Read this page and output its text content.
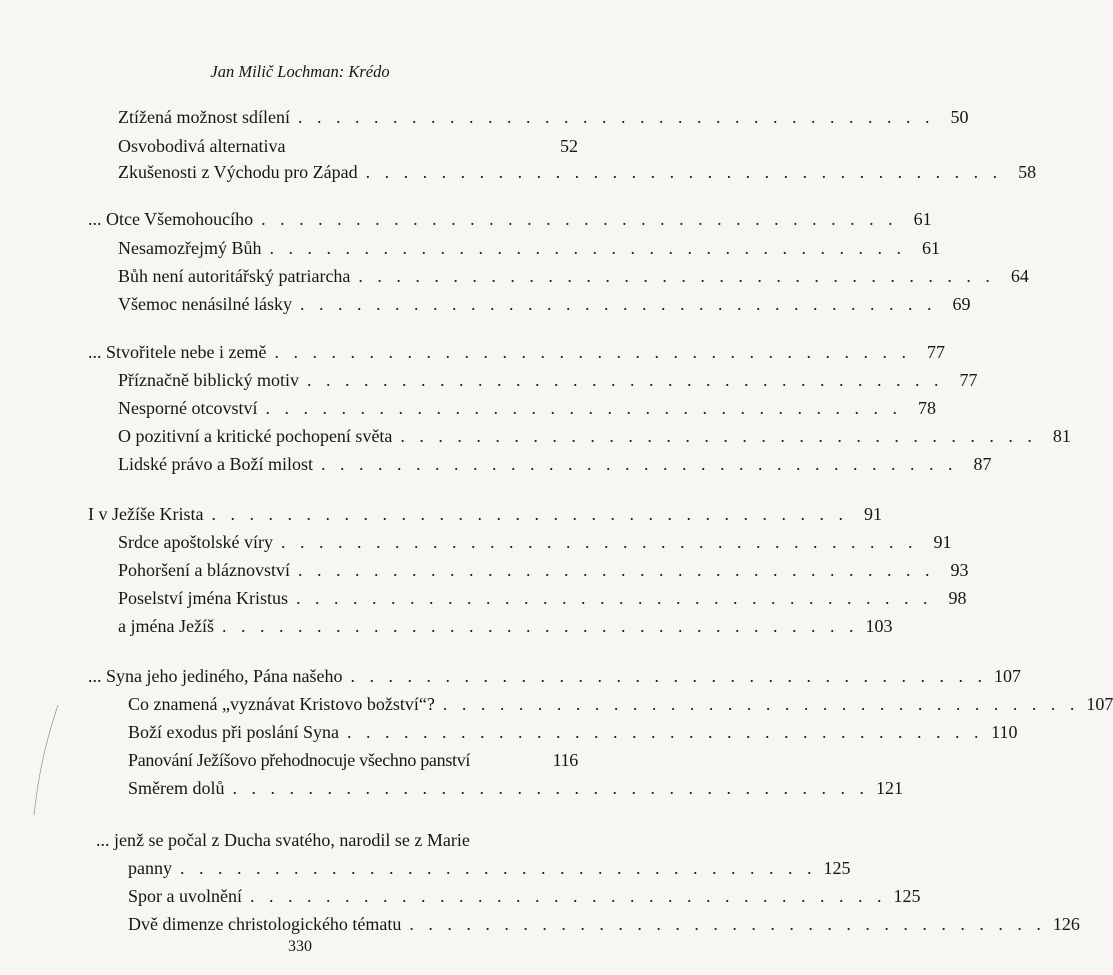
Jan Milič Lochman: Krédo
Ztížená možnost sdílení . . . . . . . . . . . . . . . . . . . . . . . . . . . . . . . . . . 50
Osvobodivá alternativa	52
Zkušenosti z Východu pro Západ . . . . . . . . . . . . . . . . . . . . . . . . . . . . . . . . . . 58
... Otce Všemohoucího . . . . . . . . . . . . . . . . . . . . . . . . . . . . . . . . . . 61
Nesamozřejmý Bůh . . . . . . . . . . . . . . . . . . . . . . . . . . . . . . . . . . 61
Bůh není autoritářský patriarcha . . . . . . . . . . . . . . . . . . . . . . . . . . . . . . . . . . 64
Všemoc nenásilné lásky . . . . . . . . . . . . . . . . . . . . . . . . . . . . . . . . . . 69
... Stvořitele nebe i země . . . . . . . . . . . . . . . . . . . . . . . . . . . . . . . . . . 77
Příznačně biblický motiv . . . . . . . . . . . . . . . . . . . . . . . . . . . . . . . . . . 77
Nesporné otcovství . . . . . . . . . . . . . . . . . . . . . . . . . . . . . . . . . . 78
O pozitivní a kritické pochopení světa . . . . . . . . . . . . . . . . . . . . . . . . . . . . . . . . . . 81
Lidské právo a Boží milost . . . . . . . . . . . . . . . . . . . . . . . . . . . . . . . . . . 87
I v Ježíše Krista . . . . . . . . . . . . . . . . . . . . . . . . . . . . . . . . . . 91
Srdce apoštolské víry . . . . . . . . . . . . . . . . . . . . . . . . . . . . . . . . . . 91
Pohoršení a bláznovství . . . . . . . . . . . . . . . . . . . . . . . . . . . . . . . . . . 93
Poselství jména Kristus . . . . . . . . . . . . . . . . . . . . . . . . . . . . . . . . . . 98
a jména Ježíš . . . . . . . . . . . . . . . . . . . . . . . . . . . . . . . . . . 103
... Syna jeho jediného, Pána našeho . . . . . . . . . . . . . . . . . . . . . . . . . . . . . . . . . . 107
Co znamená „vyznávat Kristovo božství“? . . . . . . . . . . . . . . . . . . . . . . . . . . . . . . . . . . 107
Boží exodus při poslání Syna . . . . . . . . . . . . . . . . . . . . . . . . . . . . . . . . . . 110
Panování Ježíšovo přehodnocuje všechno panství	116
Směrem dolů . . . . . . . . . . . . . . . . . . . . . . . . . . . . . . . . . . 121
... jenž se počal z Ducha svatého, narodil se z Marie
panny . . . . . . . . . . . . . . . . . . . . . . . . . . . . . . . . . . 125
Spor a uvolnění . . . . . . . . . . . . . . . . . . . . . . . . . . . . . . . . . . 125
Dvě dimenze christologického tématu . . . . . . . . . . . . . . . . . . . . . . . . . . . . . . . . . . 126
330
